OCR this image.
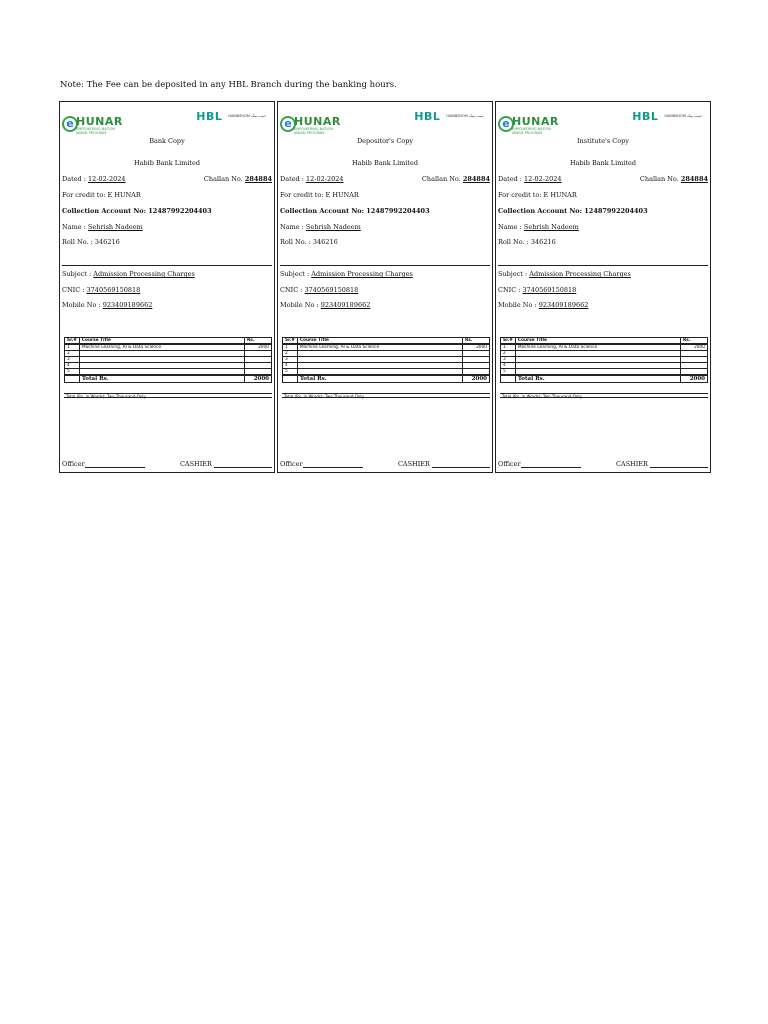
Note: The Fee can be deposited in any HBL Branch during the banking hours.
e HUNAR
EMPOWERING NATION JAWAN PROGRAM
HBL HABIBSHOM حبیب بینک
Bank Copy
Habib Bank Limited
Dated : 12-02-2024	Challan No. 284884
For credit to: E HUNAR
Collection Account No: 12487992204403
Name : Sehrish Nadeem
Roll No. : 346216
Subject : Admission Processing Charges
CNIC : 3740569150818
Mobile No : 923409189662
Sr.#	Course Title	Rs.
1	Machine Learning, AI & Data Science	2000
2		
3		
4		
5		
	Total Rs.	2000
Total (Rs. in Words): Two Thousand Only
Officer	CASHIER
e HUNAR
EMPOWERING NATION JAWAN PROGRAM
HBL HABIBSHOM حبیب بینک
Depositor's Copy
Habib Bank Limited
Dated : 12-02-2024	Challan No. 284884
For credit to: E HUNAR
Collection Account No: 12487992204403
Name : Sehrish Nadeem
Roll No. : 346216
Subject : Admission Processing Charges
CNIC : 3740569150818
Mobile No : 923409189662
Sr.#	Course Title	Rs.
1	Machine Learning, AI & Data Science	2000
2		
3		
4		
5		
	Total Rs.	2000
Total (Rs. in Words): Two Thousand Only
Officer	CASHIER
e HUNAR
EMPOWERING NATION JAWAN PROGRAM
HBL HABIBSHOM حبیب بینک
Institute's Copy
Habib Bank Limited
Dated : 12-02-2024	Challan No. 284884
For credit to: E HUNAR
Collection Account No: 12487992204403
Name : Sehrish Nadeem
Roll No. : 346216
Subject : Admission Processing Charges
CNIC : 3740569150818
Mobile No : 923409189662
Sr.#	Course Title	Rs.
1	Machine Learning, AI & Data Science	2000
2		
3		
4		
5		
	Total Rs.	2000
Total (Rs. in Words): Two Thousand Only
Officer	CASHIER
